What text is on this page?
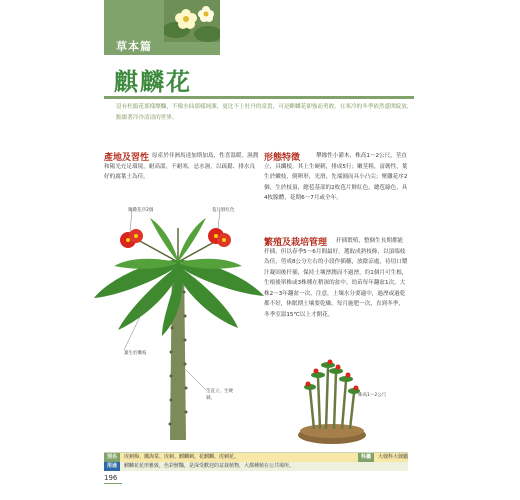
草本篇
麒麟花
沒有杜鵑花那樣燦爛，不像水仙那樣純潔，更比不上牡丹的富貴，可是麒麟花卻強而勇敢，在寒冷的冬季依然盛開綻放，點綴著冷冷清清的世界。
產地及習性 原產於非洲馬達加斯加島，性喜溫暖、濕潤和陽光充足環境，耐高溫，不耐寒，忌水濕，以疏鬆、排水良好的腐葉土為佳。
形態特徵	攀緣性小灌木，株高1～2公尺，莖直立，具纖棱，其上生硬刺，排成5行；嫩莖粗，富韌性，葉生於嫩枝，倒卵形，光滑，先端圓而具小凸尖；聚繖花序2個，生於枝頂，總苞基部的2枚苞片鮮紅色，總苞綠色，具4枚腺體，花期6～7月或全年。
繁殖及栽培管理	扦插繁殖，整個生長期都能扦插，但以春季5～6月間最好。選取成熟枝條，以頂端枝為佳，剪成8公分左右的小段作插穗，放陰涼處，待切口漿汁凝固後扦插，保持土壤溼潤而不過溼，約1個月可生根，生根後單株或3株種在稍深的盆中。幼苗每年翻盆1次，大株2～3年翻盆一次，注意，土壤水分要適中，過溼或過乾都不好，休眠期土壤要乾燥，每月施肥一次，直到冬季，冬季室溫15℃以上才開花。
聚繖花序2個	苞片鮮紅色
葉生於嫩枝
莖直立，生硬刺。
株高1～2公尺
別名	虎刺梅、鐵海棠、虎刺、麒麟刺、花麒麟、虎刺花。	科屬	大戟科大戟屬
用途	麒麟花花形雅致，色彩鮮豔，是深受歡迎的盆栽植物，大都種植在公共場所。
196
